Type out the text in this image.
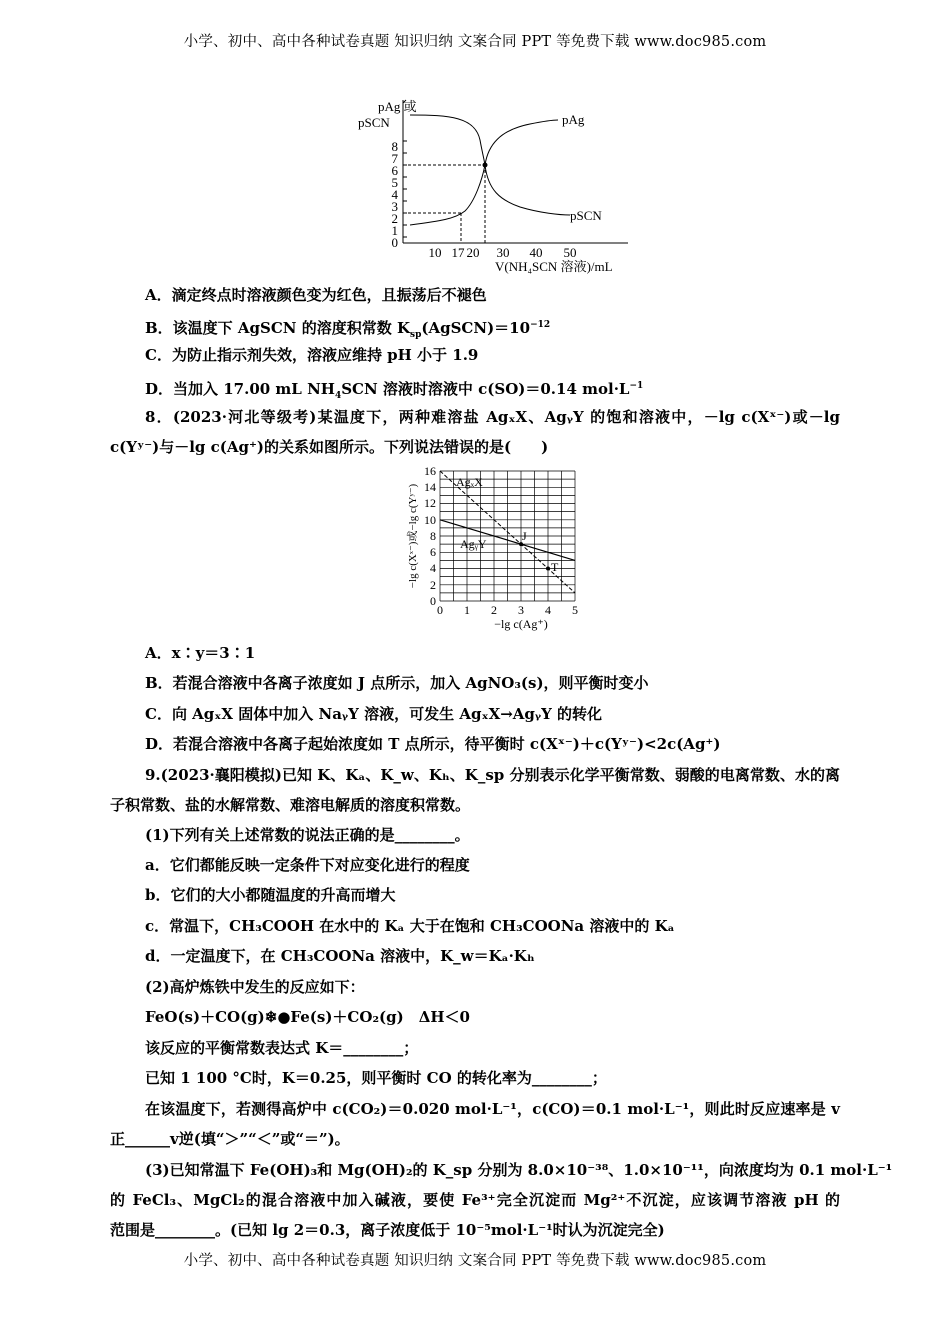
小学、初中、高中各种试卷真题 知识归纳 文案合同 PPT 等免费下载 www.doc985.com
pAg 或
pSCN
0
1
2
3
4
5
6
7
8
10 17 20 30 40 50
V(NH₄SCN 溶液)/mL
pAg
pSCN
A．滴定终点时溶液颜色变为红色，且振荡后不褪色
B．该温度下 AgSCN 的溶度积常数 $K_{sp}(AgSCN)=10^{-12}$
C．为防止指示剂失效，溶液应维持 pH 小于 1.9
D．当加入 17.00 mL $NH_4SCN$ 溶液时溶液中 c(SO)＝0.14 $mol\cdot L^{-1}$
8．(2023·河北等级考)某温度下，两种难溶盐 AgₓX、AgᵧY 的饱和溶液中，－lg c(Xˣ⁻)或－lg
c(Yʸ⁻)与－lg c(Ag⁺)的关系如图所示。下列说法错误的是(　　)
AgₓX
AgᵧY
J
T
0
2
4
6
8
10
12
14
16
0 1 2 3 4 5
−lg c(Ag⁺)
−lg c(Xˣ⁻)或−lg c(Yʸ⁻)
A．x∶y＝3∶1
B．若混合溶液中各离子浓度如 J 点所示，加入 AgNO₃(s)，则平衡时变小
C．向 AgₓX 固体中加入 NaᵧY 溶液，可发生 AgₓX→AgᵧY 的转化
D．若混合溶液中各离子起始浓度如 T 点所示，待平衡时 c(Xˣ⁻)＋c(Yʸ⁻)<2c(Ag⁺)
9.(2023·襄阳模拟)已知 K、Kₐ、K_w、Kₕ、K_sp 分别表示化学平衡常数、弱酸的电离常数、水的离
子积常数、盐的水解常数、难溶电解质的溶度积常数。
(1)下列有关上述常数的说法正确的是________。
a．它们都能反映一定条件下对应变化进行的程度
b．它们的大小都随温度的升高而增大
c．常温下，CH₃COOH 在水中的 Kₐ 大于在饱和 CH₃COONa 溶液中的 Kₐ
d．一定温度下，在 CH₃COONa 溶液中，K_w＝Kₐ·Kₕ
(2)高炉炼铁中发生的反应如下：
FeO(s)＋CO(g)❄●Fe(s)＋CO₂(g)　ΔH＜0
该反应的平衡常数表达式 K＝________；
已知 1 100 °C时，K＝0.25，则平衡时 CO 的转化率为________；
在该温度下，若测得高炉中 c(CO₂)＝0.020 mol·L⁻¹，c(CO)＝0.1 mol·L⁻¹，则此时反应速率是 v
正______v逆(填“＞”“＜”或“＝”)。
(3)已知常温下 Fe(OH)₃和 Mg(OH)₂的 K_sp 分别为 8.0×10⁻³⁸、1.0×10⁻¹¹，向浓度均为 0.1 mol·L⁻¹
的 FeCl₃、MgCl₂的混合溶液中加入碱液，要使 Fe³⁺完全沉淀而 Mg²⁺不沉淀，应该调节溶液 pH 的
范围是________。(已知 lg 2＝0.3，离子浓度低于 10⁻⁵mol·L⁻¹时认为沉淀完全)
小学、初中、高中各种试卷真题 知识归纳 文案合同 PPT 等免费下载 www.doc985.com
